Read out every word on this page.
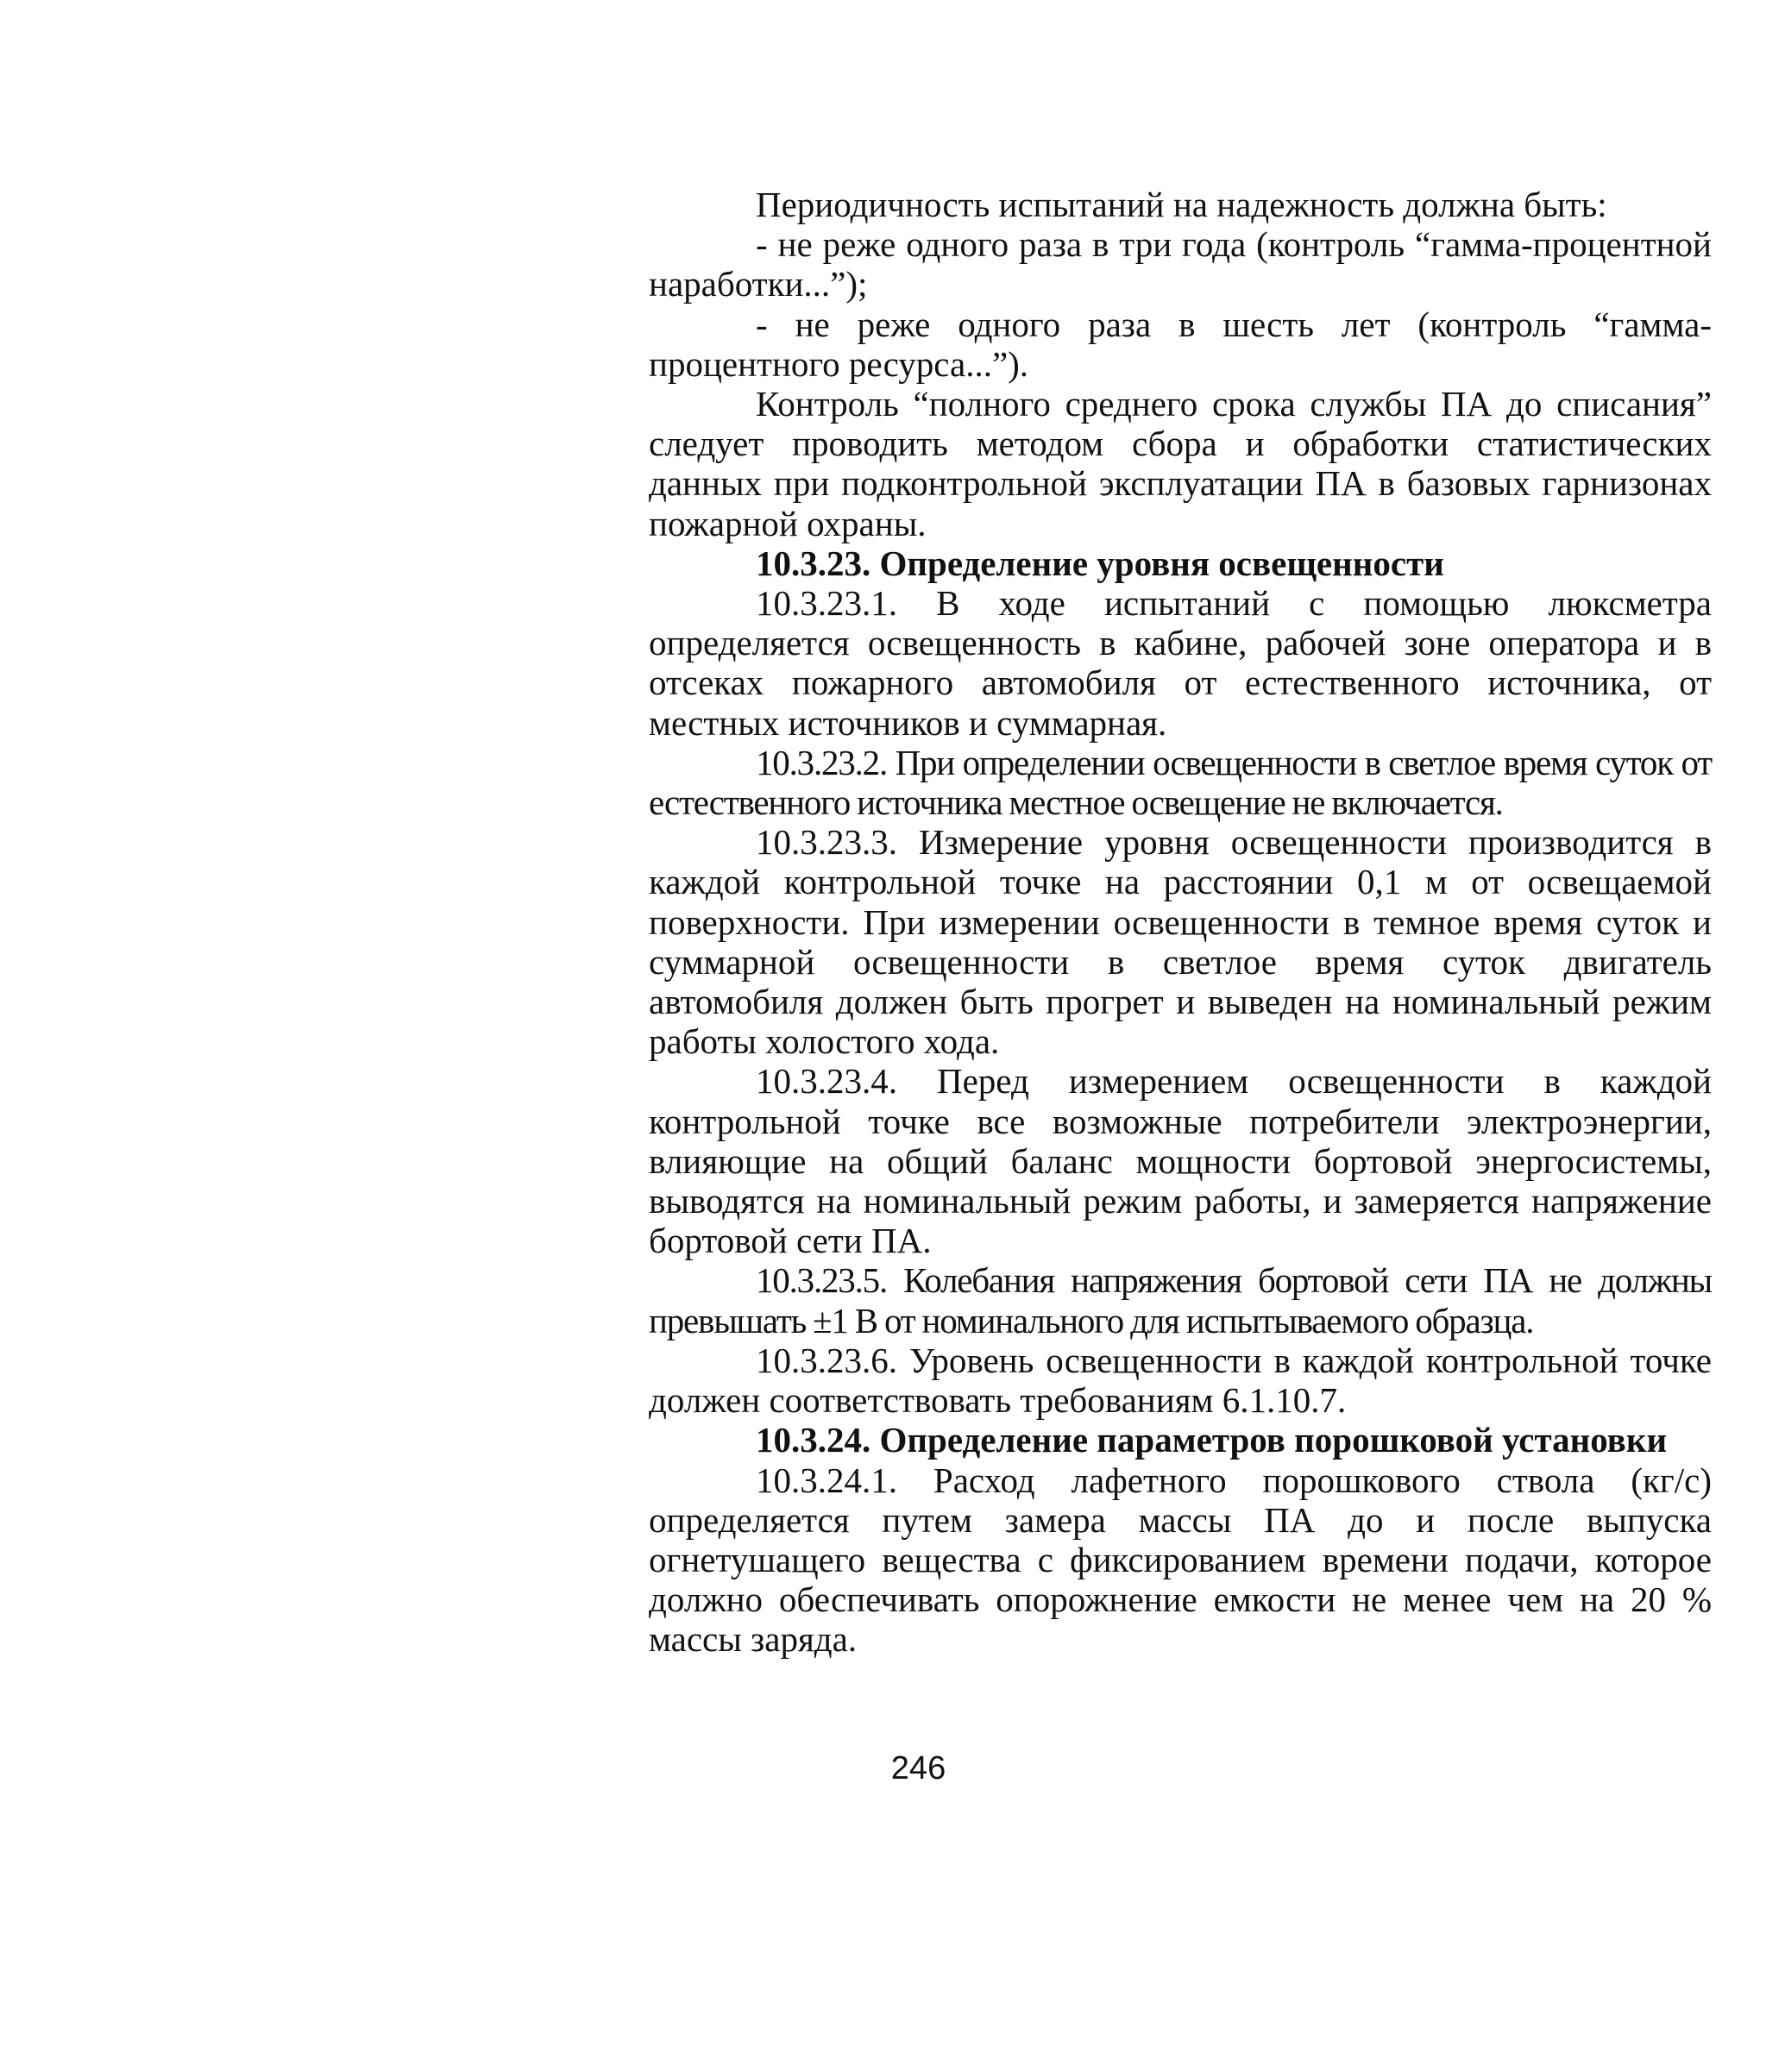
Периодичность испытаний на надежность должна быть:

- не реже одного раза в три года (контроль “гамма-процентной наработки...”);

- не реже одного раза в шесть лет (контроль “гамма-процентного ресурса...”).

Контроль “полного среднего срока службы ПА до списания” следует проводить методом сбора и обработки статистических данных при подконтрольной эксплуатации ПА в базовых гарнизонах пожарной охраны.

10.3.23. Определение уровня освещенности

10.3.23.1. В ходе испытаний с помощью люксметра определяется освещенность в кабине, рабочей зоне оператора и в отсеках пожарного автомобиля от естественного источника, от местных источников и суммарная.

10.3.23.2. При определении освещенности в светлое время суток от естественного источника местное освещение не включается.

10.3.23.3. Измерение уровня освещенности производится в каждой контрольной точке на расстоянии 0,1 м от освещаемой поверхности. При измерении освещенности в темное время суток и суммарной освещенности в светлое время суток двигатель автомобиля должен быть прогрет и выведен на номинальный режим работы холостого хода.

10.3.23.4. Перед измерением освещенности в каждой контрольной точке все возможные потребители электроэнергии, влияющие на общий баланс мощности бортовой энергосистемы, выводятся на номинальный режим работы, и замеряется напряжение бортовой сети ПА.

10.3.23.5. Колебания напряжения бортовой сети ПА не должны превышать ±1 В от номинального для испытываемого образца.

10.3.23.6. Уровень освещенности в каждой контрольной точке должен соответствовать требованиям 6.1.10.7.

10.3.24. Определение параметров порошковой установки

10.3.24.1. Расход лафетного порошкового ствола (кг/с) определяется путем замера массы ПА до и после выпуска огнетушащего вещества с фиксированием времени подачи, которое должно обеспечивать опорожнение емкости не менее чем на 20 % массы заряда.

246
